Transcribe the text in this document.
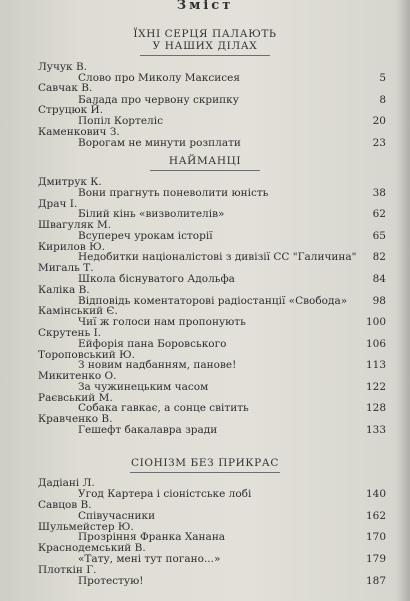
Зміст
ЇХНІ СЕРЦЯ ПАЛАЮТЬ
У НАШИХ ДІЛАХ
Лучук В.
Слово про Миколу Максисея	5
Савчак В.
Балада про червону скрипку	8
Струцюк Й.
Попіл Кортеліс	20
Каменкович З.
Ворогам не минути розплати	23
НАЙМАНЦІ
Дмитрук К.
Вони прагнуть поневолити юність	38
Драч І.
Білий кінь «визволителів»	62
Швагуляк М.
Всупереч урокам історії	65
Кирилов Ю.
Недобитки націоналістові з дивізії СС "Галичина" 82
Мигаль Т.
Школа біснуватого Адольфа	84
Каліка В.
Відповідь коментаторові радіостанції «Свобода» 98
Камінський Є.
Чиї ж голоси нам пропонують	100
Скрутень І.
Ейфорія пана Боровського	106
Тороповський Ю.
З новим надбанням, панове!	113
Микитенко О.
За чужинецьким часом	122
Раєвський М.
Собака гавкає, а сонце світить	128
Кравченко В.
Гешефт бакалавра зради	133
СІОНІЗМ БЕЗ ПРИКРАС
Дадіані Л.
Угод Картера і сіоністське лобі	140
Савцов В.
Співучасники	162
Шульмейстер Ю.
Прозріння Франка Ханана	170
Краснодемський В.
«Тату, мені тут погано...»	179
Плоткін Г.
Протестую!	187
